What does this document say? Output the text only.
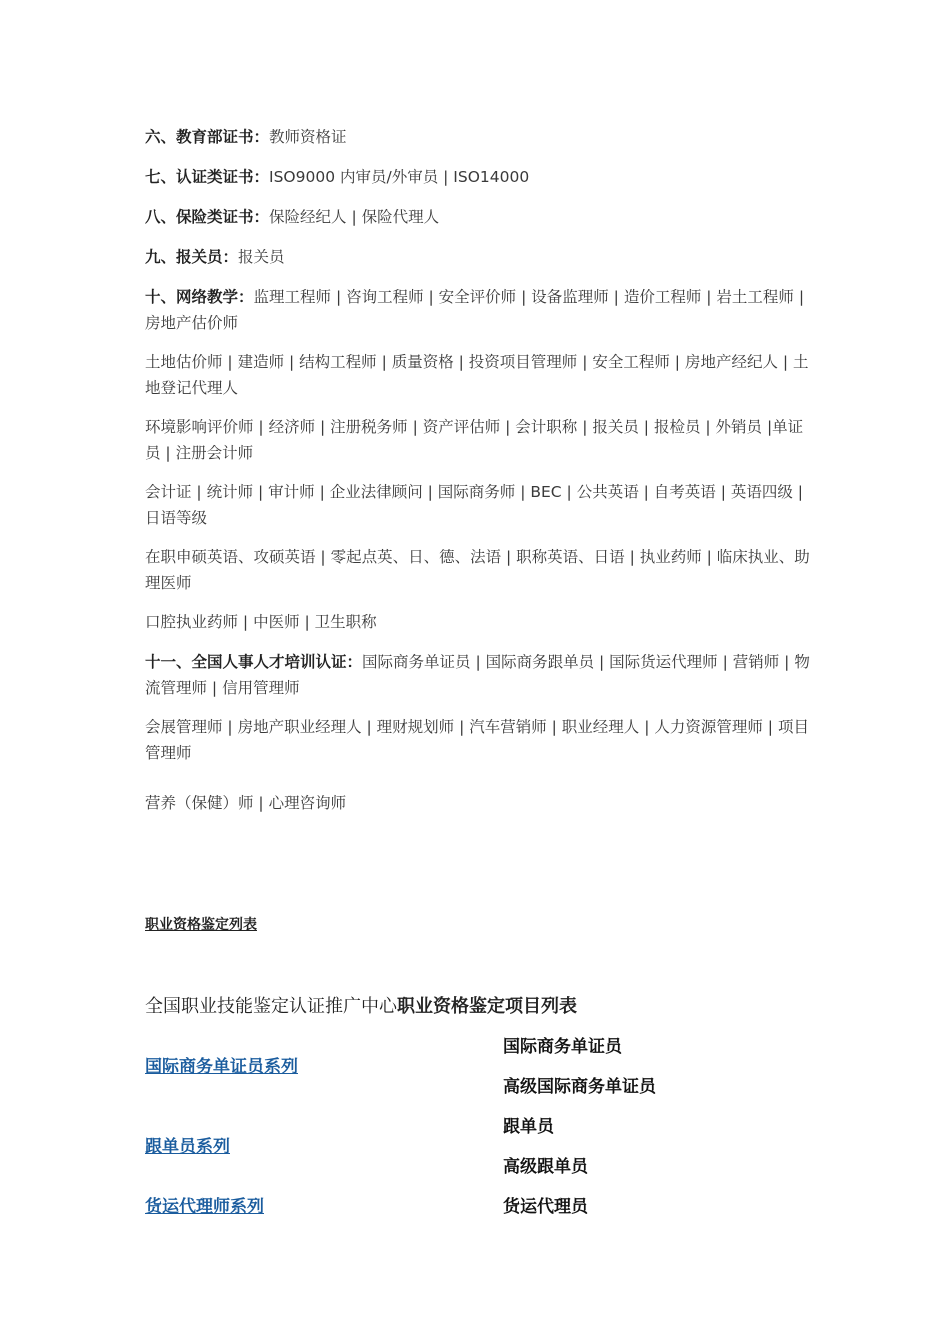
六、教育部证书：教师资格证
七、认证类证书：ISO9000 内审员/外审员 | ISO14000
八、保险类证书：保险经纪人 | 保险代理人
九、报关员：报关员
十、网络教学：监理工程师 | 咨询工程师 | 安全评价师 | 设备监理师 | 造价工程师 | 岩土工程师 | 房地产估价师
土地估价师 | 建造师 | 结构工程师 | 质量资格 | 投资项目管理师 | 安全工程师 | 房地产经纪人 | 土地登记代理人
环境影响评价师 | 经济师 | 注册税务师 | 资产评估师 | 会计职称 | 报关员 | 报检员 | 外销员 |单证员 | 注册会计师
会计证 | 统计师 | 审计师 | 企业法律顾问 | 国际商务师 | BEC | 公共英语 | 自考英语 | 英语四级 | 日语等级
在职申硕英语、攻硕英语 | 零起点英、日、德、法语 | 职称英语、日语 | 执业药师 | 临床执业、助理医师
口腔执业药师 | 中医师 | 卫生职称
十一、全国人事人才培训认证：国际商务单证员 | 国际商务跟单员 | 国际货运代理师 | 营销师 | 物流管理师 | 信用管理师
会展管理师 | 房地产职业经理人 | 理财规划师 | 汽车营销师 | 职业经理人 | 人力资源管理师 | 项目管理师
营养（保健）师 | 心理咨询师
职业资格鉴定列表
全国职业技能鉴定认证推广中心职业资格鉴定项目列表
国际商务单证员系列
跟单员系列
货运代理师系列
国际商务单证员
高级国际商务单证员
跟单员
高级跟单员
货运代理员
